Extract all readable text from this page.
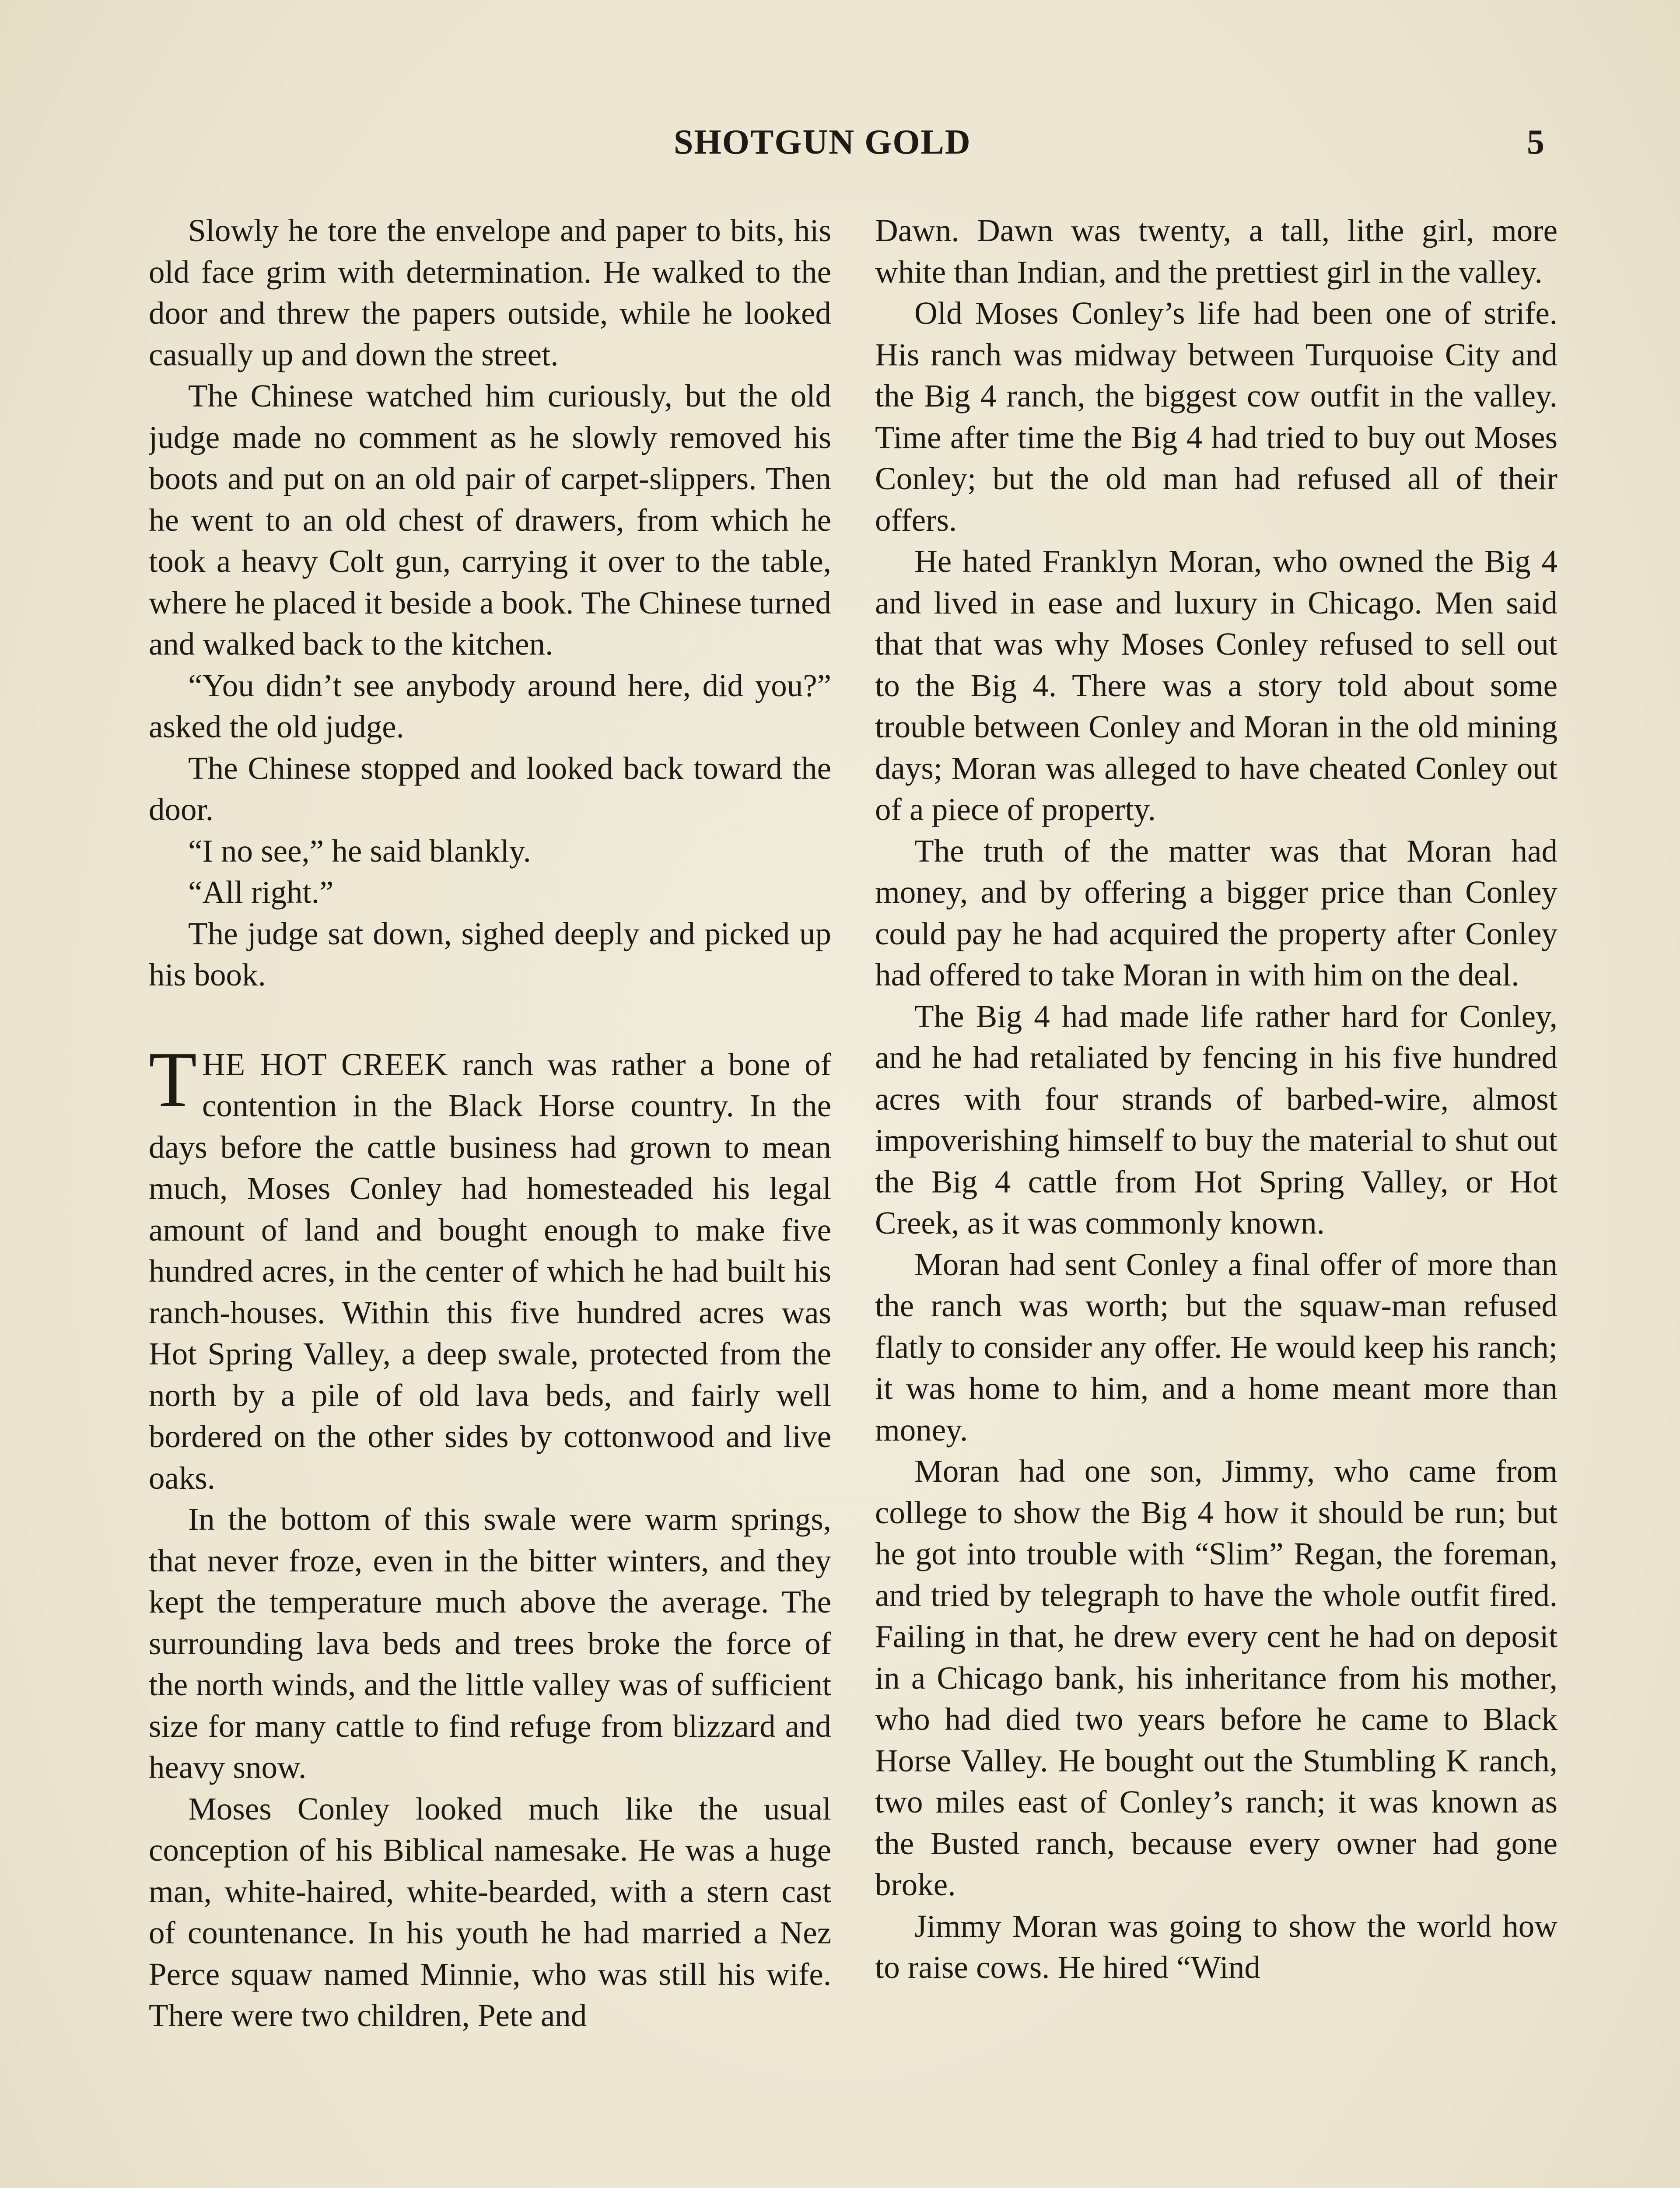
SHOTGUN GOLD	5

Slowly he tore the envelope and paper to bits, his old face grim with determination. He walked to the door and threw the papers outside, while he looked casually up and down the street.

The Chinese watched him curiously, but the old judge made no comment as he slowly removed his boots and put on an old pair of carpet-slippers. Then he went to an old chest of drawers, from which he took a heavy Colt gun, carrying it over to the table, where he placed it beside a book. The Chinese turned and walked back to the kitchen.

“You didn’t see anybody around here, did you?” asked the old judge.

The Chinese stopped and looked back toward the door.

“I no see,” he said blankly.

“All right.”

The judge sat down, sighed deeply and picked up his book.

THE HOT CREEK ranch was rather a bone of contention in the Black Horse country. In the days before the cattle business had grown to mean much, Moses Conley had homesteaded his legal amount of land and bought enough to make five hundred acres, in the center of which he had built his ranch-houses. Within this five hundred acres was Hot Spring Valley, a deep swale, protected from the north by a pile of old lava beds, and fairly well bordered on the other sides by cottonwood and live oaks.

In the bottom of this swale were warm springs, that never froze, even in the bitter winters, and they kept the temperature much above the average. The surrounding lava beds and trees broke the force of the north winds, and the little valley was of sufficient size for many cattle to find refuge from blizzard and heavy snow.

Moses Conley looked much like the usual conception of his Biblical namesake. He was a huge man, white-haired, white-bearded, with a stern cast of countenance. In his youth he had married a Nez Perce squaw named Minnie, who was still his wife. There were two children, Pete and

Dawn. Dawn was twenty, a tall, lithe girl, more white than Indian, and the prettiest girl in the valley.

Old Moses Conley’s life had been one of strife. His ranch was midway between Turquoise City and the Big 4 ranch, the biggest cow outfit in the valley. Time after time the Big 4 had tried to buy out Moses Conley; but the old man had refused all of their offers.

He hated Franklyn Moran, who owned the Big 4 and lived in ease and luxury in Chicago. Men said that that was why Moses Conley refused to sell out to the Big 4. There was a story told about some trouble between Conley and Moran in the old mining days; Moran was alleged to have cheated Conley out of a piece of property.

The truth of the matter was that Moran had money, and by offering a bigger price than Conley could pay he had acquired the property after Conley had offered to take Moran in with him on the deal.

The Big 4 had made life rather hard for Conley, and he had retaliated by fencing in his five hundred acres with four strands of barbed-wire, almost impoverishing himself to buy the material to shut out the Big 4 cattle from Hot Spring Valley, or Hot Creek, as it was commonly known.

Moran had sent Conley a final offer of more than the ranch was worth; but the squaw-man refused flatly to consider any offer. He would keep his ranch; it was home to him, and a home meant more than money.

Moran had one son, Jimmy, who came from college to show the Big 4 how it should be run; but he got into trouble with “Slim” Regan, the foreman, and tried by telegraph to have the whole outfit fired. Failing in that, he drew every cent he had on deposit in a Chicago bank, his inheritance from his mother, who had died two years before he came to Black Horse Valley. He bought out the Stumbling K ranch, two miles east of Conley’s ranch; it was known as the Busted ranch, because every owner had gone broke.

Jimmy Moran was going to show the world how to raise cows. He hired “Wind
